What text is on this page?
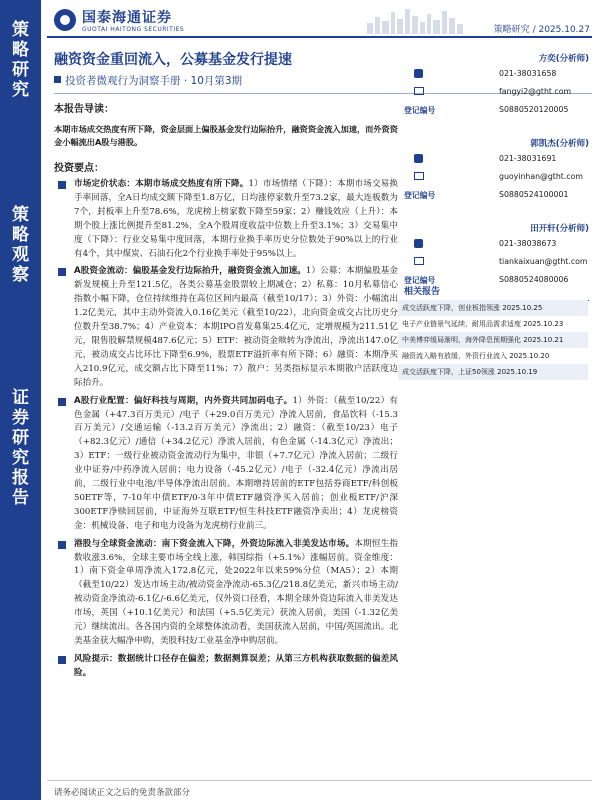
策
略
研
究
策
略
观
察
证
券
研
究
报
告
国泰海通证券
GUOTAI HAITONG SECURITIES	策略研究 / 2025.10.27
融资资金重回流入，公募基金发行提速
投资者微观行为洞察手册 · 10月第3期
本报告导读：
本期市场成交热度有所下降，资金层面上偏股基金发行边际抬升，融资资金流入加速，而外资资金小幅流出A股与港股。
投资要点：
市场定价状态：本期市场成交热度有所下降。1）市场情绪（下降）：本期市场交易换手率回落，全A日均成交额下降至1.8万亿，日均涨停家数升至73.2家，最大连板数为7个，封板率上升至78.6%，龙虎榜上榜家数下降至59家；2）赚钱效应（上升）：本期个股上涨比例提升至81.2%，全A个股周度收益中位数上升至3.1%；3）交易集中度（下降）：行业交易集中度回落，本期行业换手率历史分位数处于90%以上的行业有4个，其中煤炭、石油石化2个行业换手率处于95%以上。
A股资金流动：偏股基金发行边际抬升，融资资金流入加速。1）公募：本期偏股基金新发规模上升至121.5亿，各类公募基金股票较上期减仓；2）私募：10月私募信心指数小幅下降，仓位持续维持在高位区间内最高（截至10/17）；3）外资：小幅流出1.2亿美元，其中主动外资流入0.16亿美元（截至10/22），北向资金成交占比历史分位数升至38.7%；4）产业资本：本期IPO首发募集25.4亿元，定增规模为211.51亿元，限售股解禁规模487.6亿元；5）ETF：被动资金赎转为净流出，净流出147.0亿元，被动成交占比环比下降至6.9%，股票ETF溢折率有所下降；6）融资：本期净买入210.9亿元，成交额占比下降至11%；7）散户：另类指标显示本期散户活跃度边际抬升。
A股行业配置：偏好科技与周期，内外资共同加码电子。1）外资：（截至10/22）有色金属（+47.3百万美元）/电子（+29.0百万美元）净流入居前，食品饮料（-15.3百万美元）/交通运输（-13.2百万美元）净流出；2）融资：（截至10/23）电子（+82.3亿元）/通信（+34.2亿元）净流入居前，有色金属（-14.3亿元）净流出；3）ETF：一级行业被动资金流动行为集中，非银（+7.7亿元）净流入居前；二级行业中证券/中药净流入居前；电力设备（-45.2亿元）/电子（-32.4亿元）净流出居前，二级行业中电池/半导体净流出居前。本期增持居前的ETF包括券商ETF/科创板50ETF等，7-10年中债ETF/0-3年中债ETF融资净买入居前；创业板ETF/沪深300ETF净赎回居前，中证海外互联ETF/恒生科技ETF融资净卖出；4）龙虎榜资金：机械设备、电子和电力设备为龙虎榜行业前三。
港股与全球资金流动：南下资金流入下降，外资边际流入非美发达市场。本期恒生指数收涨3.6%，全球主要市场全线上涨，韩国综指（+5.1%）涨幅居前。资金维度：1）南下资金单周净流入172.8亿元，处2022年以来59%分位（MA5）；2）本期（截至10/22）发达市场主动/被动资金净流动-65.3亿/218.8亿美元，新兴市场主动/被动资金净流动-6.1亿/-6.6亿美元，仅外资口径看，本期全球外资边际流入非美发达市场，英国（+10.1亿美元）和法国（+5.5亿美元）获流入居前，美国（-1.32亿美元）继续流出。各各国内资的全球整体流动看，美国获流入居前，中国/英国流出。北美基金获大幅净申购，美股科技/工业基金净申购居前。
风险提示：数据统计口径存在偏差；数据测算误差；从第三方机构获取数据的偏差风险。
方奕(分析师)
021-38031658
fangyi2@gtht.com
登记编号	S0880520120005
郭凯杰(分析师)
021-38031691
guoyinhan@gtht.com
登记编号	S0880524100001
田开轩(分析师)
021-38038673
tiankaixuan@gtht.com
登记编号	S0880524080006
相关报告
成交活跃度下降，创业板指领涨 2025.10.25
电子产业链景气延续，耐用品需求适度 2025.10.23
中美博弈缓局渐明，海外降息预期强化 2025.10.21
融资流入略有放缓，外资行业流入 2025.10.20
成交活跃度下降，上证50领涨 2025.10.19
请务必阅读正文之后的免责条款部分
